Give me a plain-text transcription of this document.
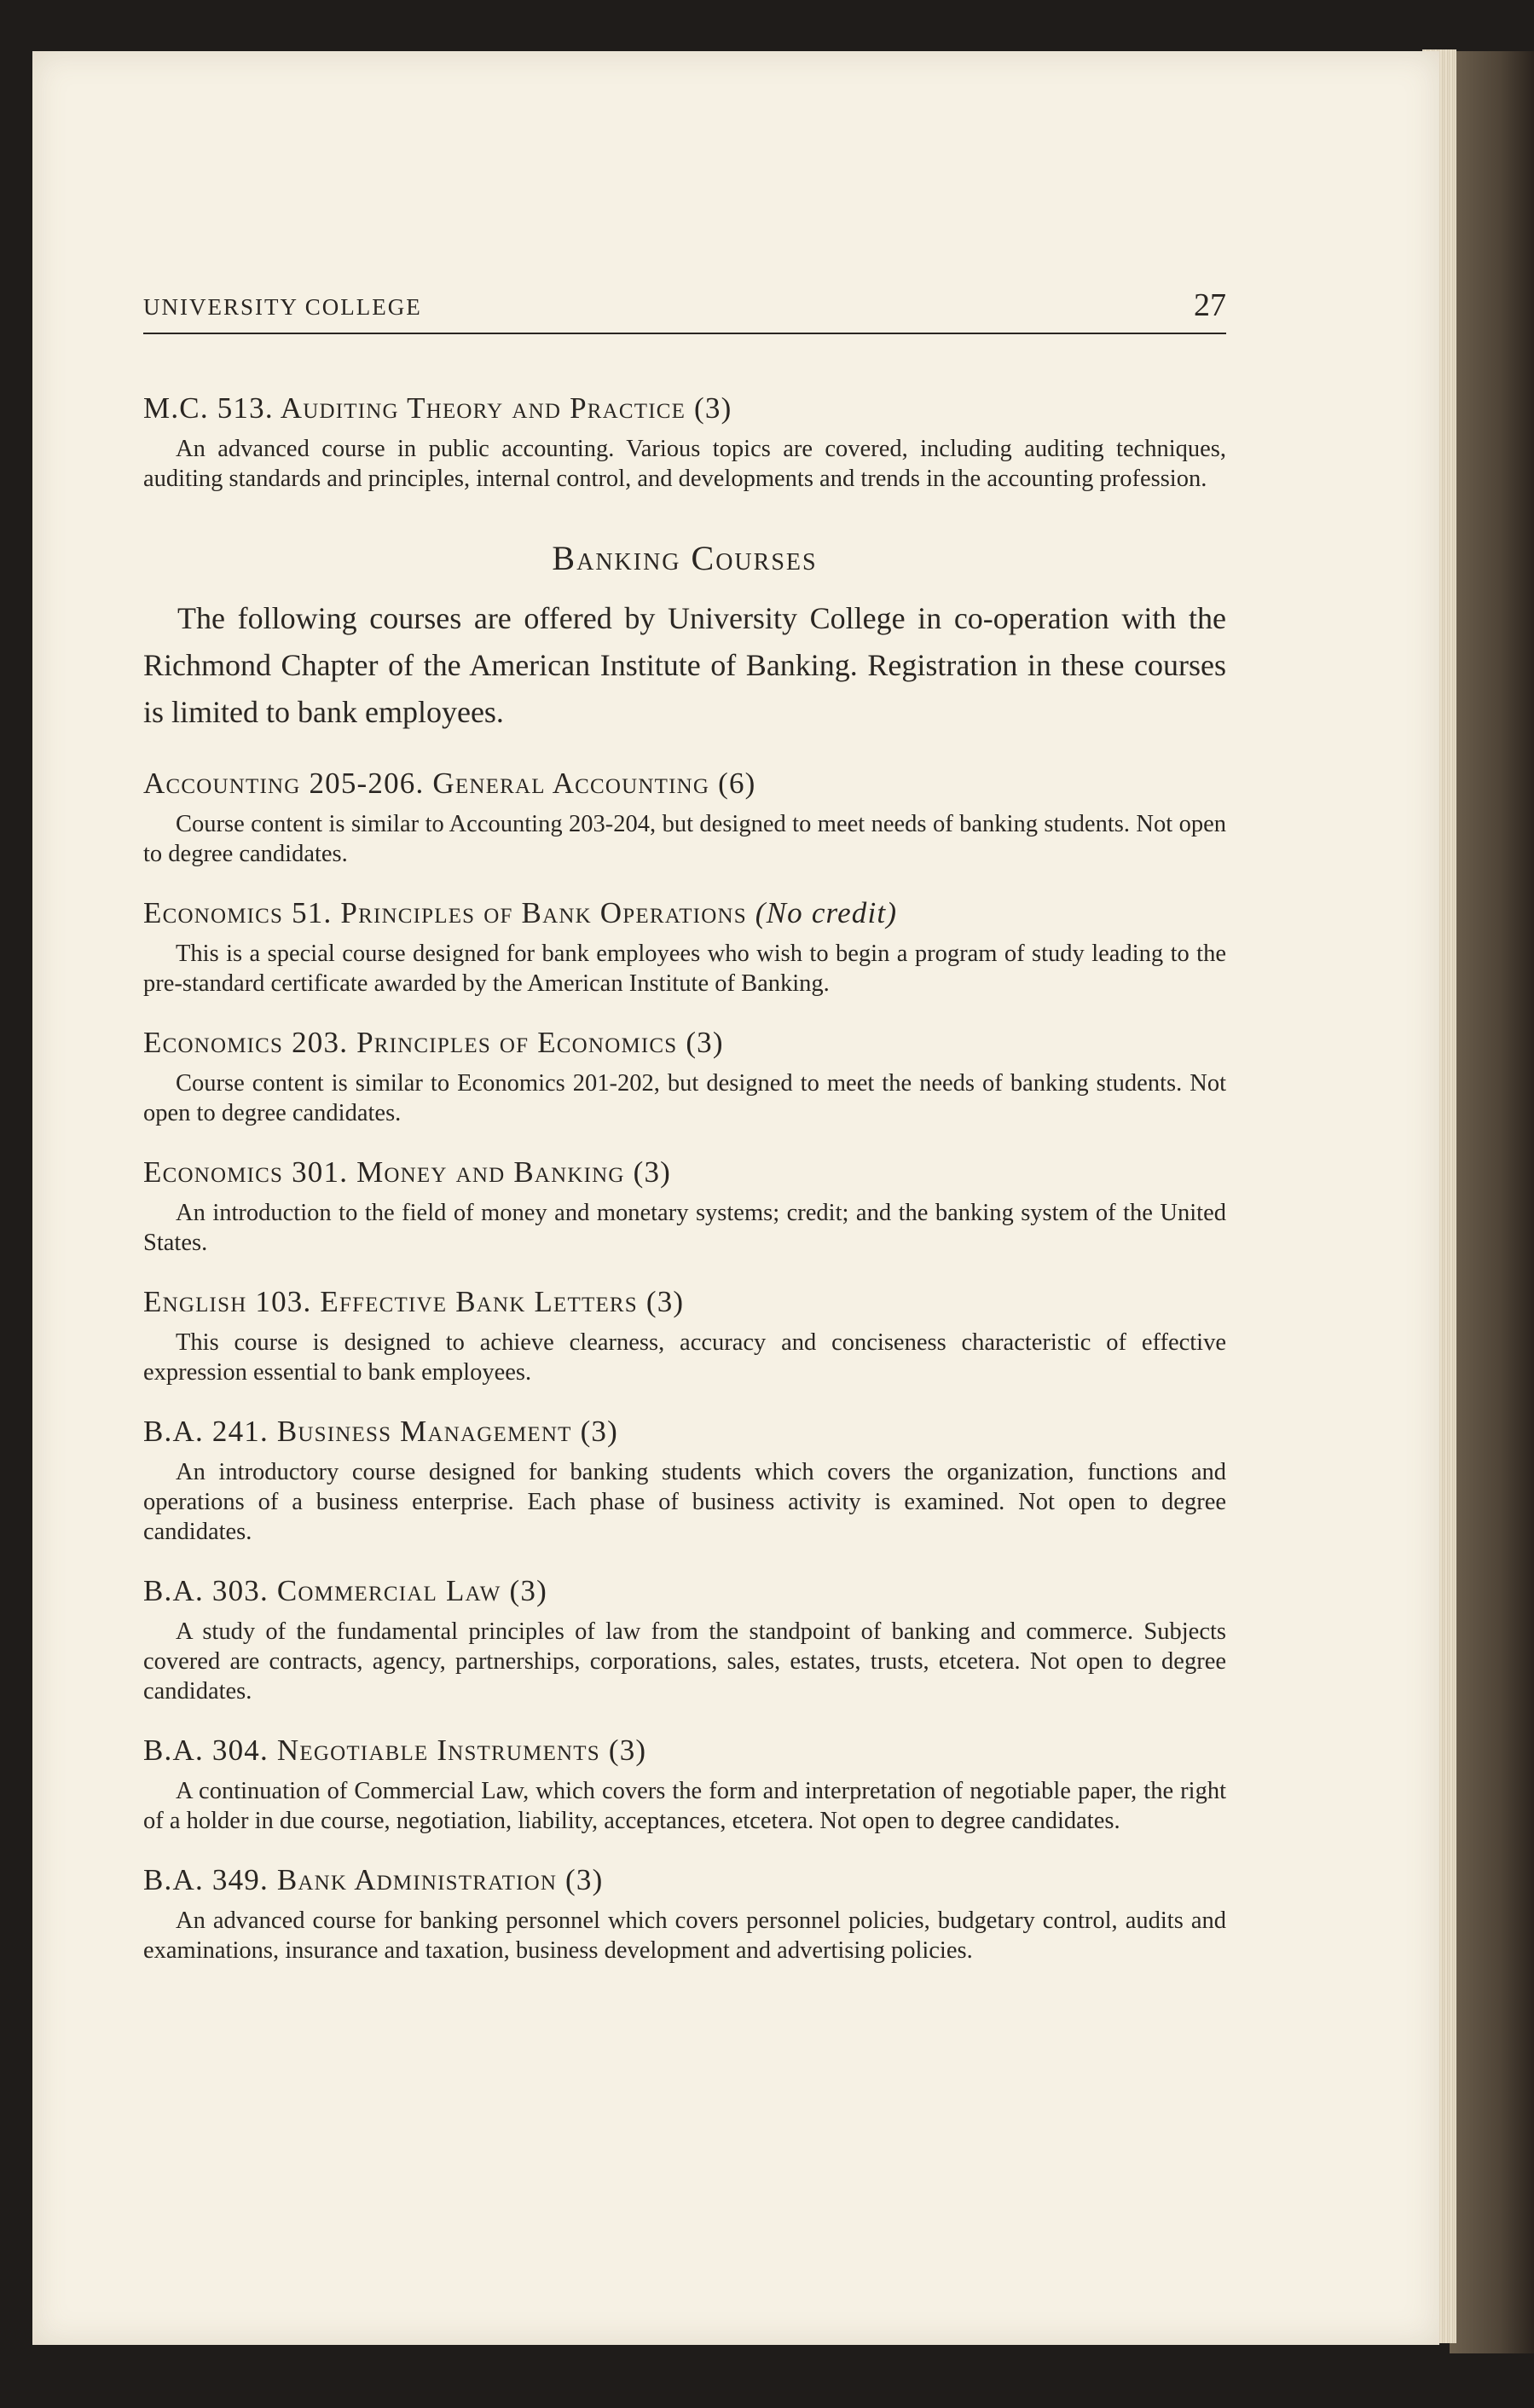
UNIVERSITY COLLEGE	27
M.C. 513. Auditing Theory and Practice (3)
An advanced course in public accounting. Various topics are covered, including auditing techniques, auditing standards and principles, internal control, and developments and trends in the accounting profession.
Banking Courses
The following courses are offered by University College in co-operation with the Richmond Chapter of the American Institute of Banking. Registration in these courses is limited to bank employees.
Accounting 205-206. General Accounting (6)
Course content is similar to Accounting 203-204, but designed to meet needs of banking students. Not open to degree candidates.
Economics 51. Principles of Bank Operations (No credit)
This is a special course designed for bank employees who wish to begin a program of study leading to the pre-standard certificate awarded by the American Institute of Banking.
Economics 203. Principles of Economics (3)
Course content is similar to Economics 201-202, but designed to meet the needs of banking students. Not open to degree candidates.
Economics 301. Money and Banking (3)
An introduction to the field of money and monetary systems; credit; and the banking system of the United States.
English 103. Effective Bank Letters (3)
This course is designed to achieve clearness, accuracy and conciseness characteristic of effective expression essential to bank employees.
B.A. 241. Business Management (3)
An introductory course designed for banking students which covers the organization, functions and operations of a business enterprise. Each phase of business activity is examined. Not open to degree candidates.
B.A. 303. Commercial Law (3)
A study of the fundamental principles of law from the standpoint of banking and commerce. Subjects covered are contracts, agency, partnerships, corporations, sales, estates, trusts, etcetera. Not open to degree candidates.
B.A. 304. Negotiable Instruments (3)
A continuation of Commercial Law, which covers the form and interpretation of negotiable paper, the right of a holder in due course, negotiation, liability, acceptances, etcetera. Not open to degree candidates.
B.A. 349. Bank Administration (3)
An advanced course for banking personnel which covers personnel policies, budgetary control, audits and examinations, insurance and taxation, business development and advertising policies.
